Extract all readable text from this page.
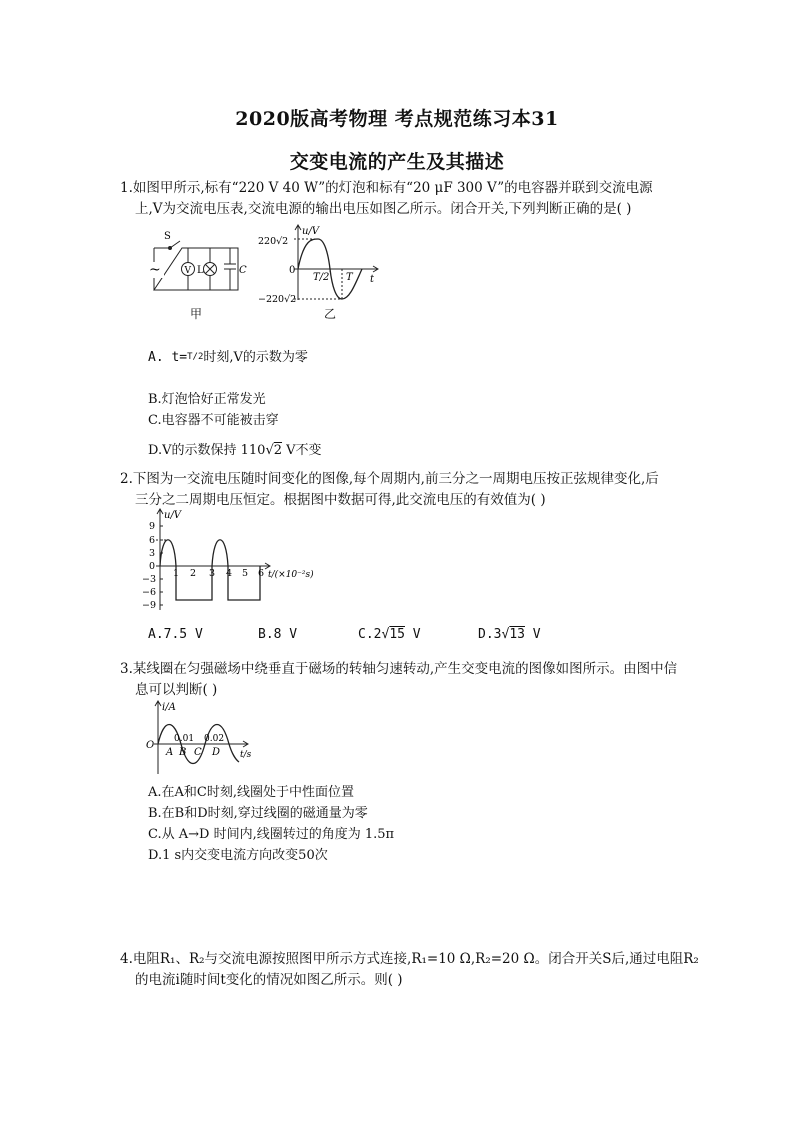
2020版高考物理 考点规范练习本31
交变电流的产生及其描述
1.如图甲所示,标有“220 V 40 W”的灯泡和标有“20 μF 300 V”的电容器并联到交流电源
上,V为交流电压表,交流电源的输出电压如图乙所示。闭合开关,下列判断正确的是( )
~
S
V L	C
甲
u/V
220√2
0
−220√2
T/2 T t
乙
A. t=T/2时刻,V的示数为零
B.灯泡恰好正常发光
C.电容器不可能被击穿
D.V的示数保持 110√2 V不变
2.下图为一交流电压随时间变化的图像,每个周期内,前三分之一周期电压按正弦规律变化,后
三分之二周期电压恒定。根据图中数据可得,此交流电压的有效值为( )
u/V
9
6
3
0
−3
−6
−9
1 2 3 4 5 6 t/(×10⁻²s)
A.7.5 V	B.8 V	C.2√15 V	D.3√13 V
3.某线圈在匀强磁场中绕垂直于磁场的转轴匀速转动,产生交变电流的图像如图所示。由图中信
息可以判断( )
i/A
O
0.01 0.02
A B C D t/s
A.在A和C时刻,线圈处于中性面位置
B.在B和D时刻,穿过线圈的磁通量为零
C.从 A→D 时间内,线圈转过的角度为 1.5π
D.1 s内交变电流方向改变50次
4.电阻R₁、R₂与交流电源按照图甲所示方式连接,R₁=10 Ω,R₂=20 Ω。闭合开关S后,通过电阻R₂
的电流i随时间t变化的情况如图乙所示。则( )
